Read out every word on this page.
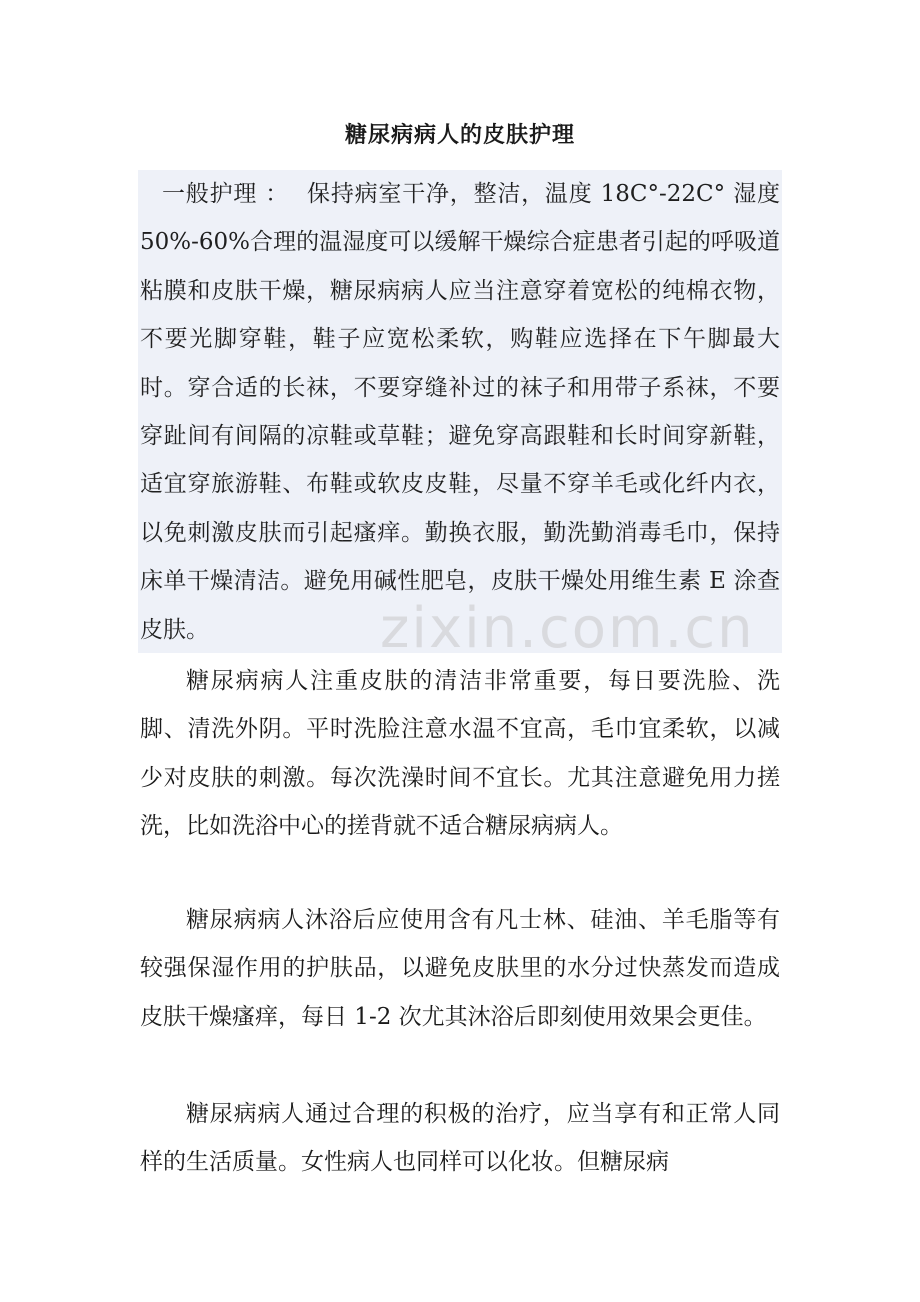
糖尿病病人的皮肤护理
一般护理 ： 保持病室干净，整洁，温度 18C°-22C° 湿度 50%-60%合理的温湿度可以缓解干燥综合症患者引起的呼吸道粘膜和皮肤干燥，糖尿病病人应当注意穿着宽松的纯棉衣物，不要光脚穿鞋，鞋子应宽松柔软，购鞋应选择在下午脚最大时。穿合适的长袜，不要穿缝补过的袜子和用带子系袜，不要穿趾间有间隔的凉鞋或草鞋；避免穿高跟鞋和长时间穿新鞋，适宜穿旅游鞋、布鞋或软皮皮鞋，尽量不穿羊毛或化纤内衣，以免刺激皮肤而引起瘙痒。勤换衣服，勤洗勤消毒毛巾，保持床单干燥清洁。避免用碱性肥皂，皮肤干燥处用维生素 E 涂查皮肤。
糖尿病病人注重皮肤的清洁非常重要，每日要洗脸、洗脚、清洗外阴。平时洗脸注意水温不宜高，毛巾宜柔软，以减少对皮肤的刺激。每次洗澡时间不宜长。尤其注意避免用力搓洗，比如洗浴中心的搓背就不适合糖尿病病人。
糖尿病病人沐浴后应使用含有凡士林、硅油、羊毛脂等有较强保湿作用的护肤品，以避免皮肤里的水分过快蒸发而造成皮肤干燥瘙痒，每日 1-2 次尤其沐浴后即刻使用效果会更佳。
糖尿病病人通过合理的积极的治疗，应当享有和正常人同样的生活质量。女性病人也同样可以化妆。但糖尿病
zixin.com.cn
